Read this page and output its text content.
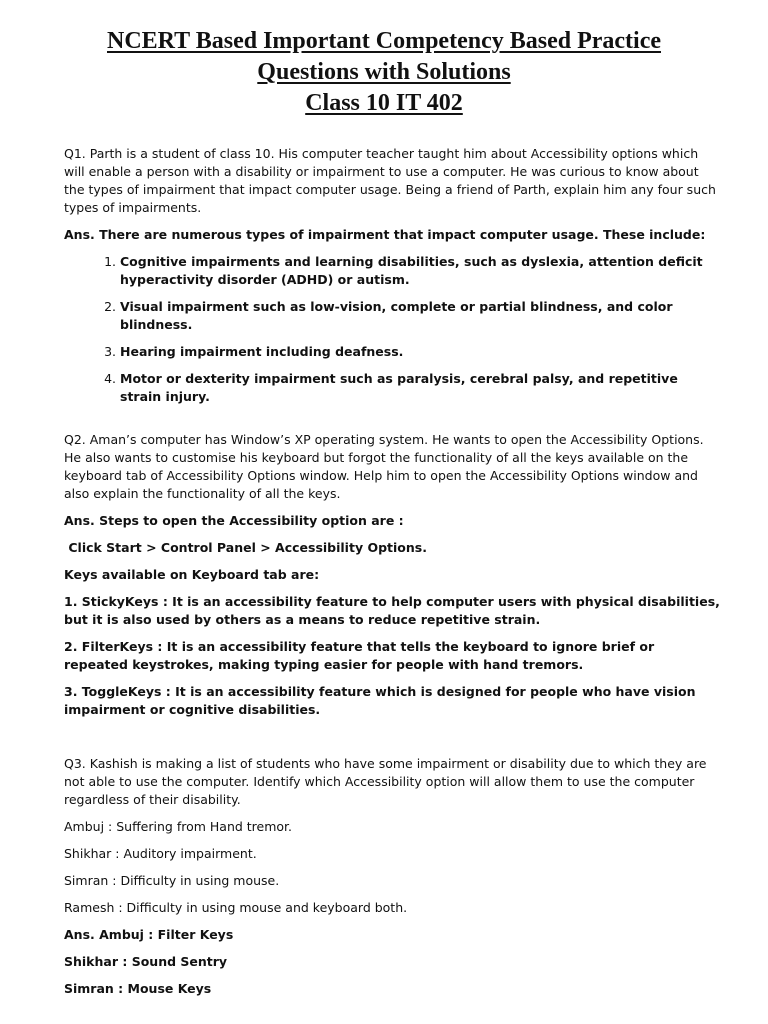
NCERT Based Important Competency Based Practice

Questions with Solutions

Class 10 IT 402

Q1. Parth is a student of class 10. His computer teacher taught him about Accessibility options which will enable a person with a disability or impairment to use a computer. He was curious to know about the types of impairment that impact computer usage. Being a friend of Parth, explain him any four such types of impairments.

Ans. There are numerous types of impairment that impact computer usage. These include:

1. Cognitive impairments and learning disabilities, such as dyslexia, attention deficit hyperactivity disorder (ADHD) or autism.
2. Visual impairment such as low-vision, complete or partial blindness, and color blindness.
3. Hearing impairment including deafness.
4. Motor or dexterity impairment such as paralysis, cerebral palsy, and repetitive strain injury.

Q2. Aman’s computer has Window’s XP operating system. He wants to open the Accessibility Options. He also wants to customise his keyboard but forgot the functionality of all the keys available on the keyboard tab of Accessibility Options window. Help him to open the Accessibility Options window and also explain the functionality of all the keys.

Ans. Steps to open the Accessibility option are :

Click Start > Control Panel > Accessibility Options.

Keys available on Keyboard tab are:

1. StickyKeys : It is an accessibility feature to help computer users with physical disabilities, but it is also used by others as a means to reduce repetitive strain.

2. FilterKeys : It is an accessibility feature that tells the keyboard to ignore brief or repeated keystrokes, making typing easier for people with hand tremors.

3. ToggleKeys : It is an accessibility feature which is designed for people who have vision impairment or cognitive disabilities.

Q3. Kashish is making a list of students who have some impairment or disability due to which they are not able to use the computer. Identify which Accessibility option will allow them to use the computer regardless of their disability.

Ambuj : Suffering from Hand tremor.

Shikhar : Auditory impairment.

Simran : Difficulty in using mouse.

Ramesh : Difficulty in using mouse and keyboard both.

Ans. Ambuj : Filter Keys

Shikhar : Sound Sentry

Simran : Mouse Keys
